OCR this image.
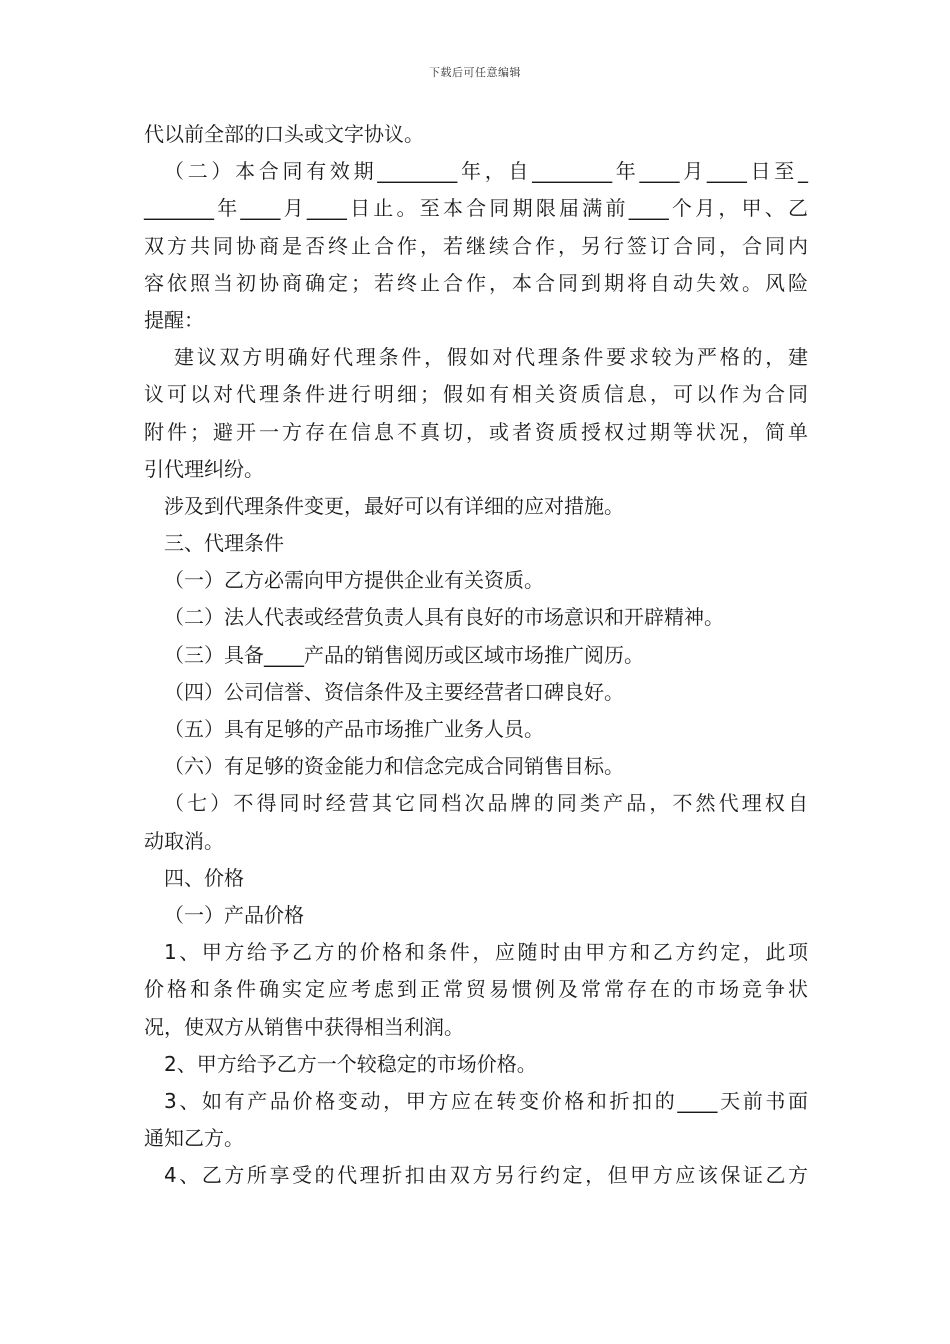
下载后可任意编辑
代以前全部的口头或文字协议。
（二）本合同有效期________年，自________年____月____日至_
_______年____月____日止。至本合同期限届满前____个月，甲、乙
双方共同协商是否终止合作，若继续合作，另行签订合同，合同内
容依照当初协商确定；若终止合作，本合同到期将自动失效。风险
提醒：
建议双方明确好代理条件，假如对代理条件要求较为严格的，建
议可以对代理条件进行明细；假如有相关资质信息，可以作为合同
附件；避开一方存在信息不真切，或者资质授权过期等状况，简单
引代理纠纷。
涉及到代理条件变更，最好可以有详细的应对措施。
三、代理条件
（一）乙方必需向甲方提供企业有关资质。
（二）法人代表或经营负责人具有良好的市场意识和开辟精神。
（三）具备____产品的销售阅历或区域市场推广阅历。
（四）公司信誉、资信条件及主要经营者口碑良好。
（五）具有足够的产品市场推广业务人员。
（六）有足够的资金能力和信念完成合同销售目标。
（七）不得同时经营其它同档次品牌的同类产品，不然代理权自
动取消。
四、价格
（一）产品价格
1、甲方给予乙方的价格和条件，应随时由甲方和乙方约定，此项
价格和条件确实定应考虑到正常贸易惯例及常常存在的市场竞争状
况，使双方从销售中获得相当利润。
2、甲方给予乙方一个较稳定的市场价格。
3、如有产品价格变动，甲方应在转变价格和折扣的____天前书面
通知乙方。
4、乙方所享受的代理折扣由双方另行约定，但甲方应该保证乙方
